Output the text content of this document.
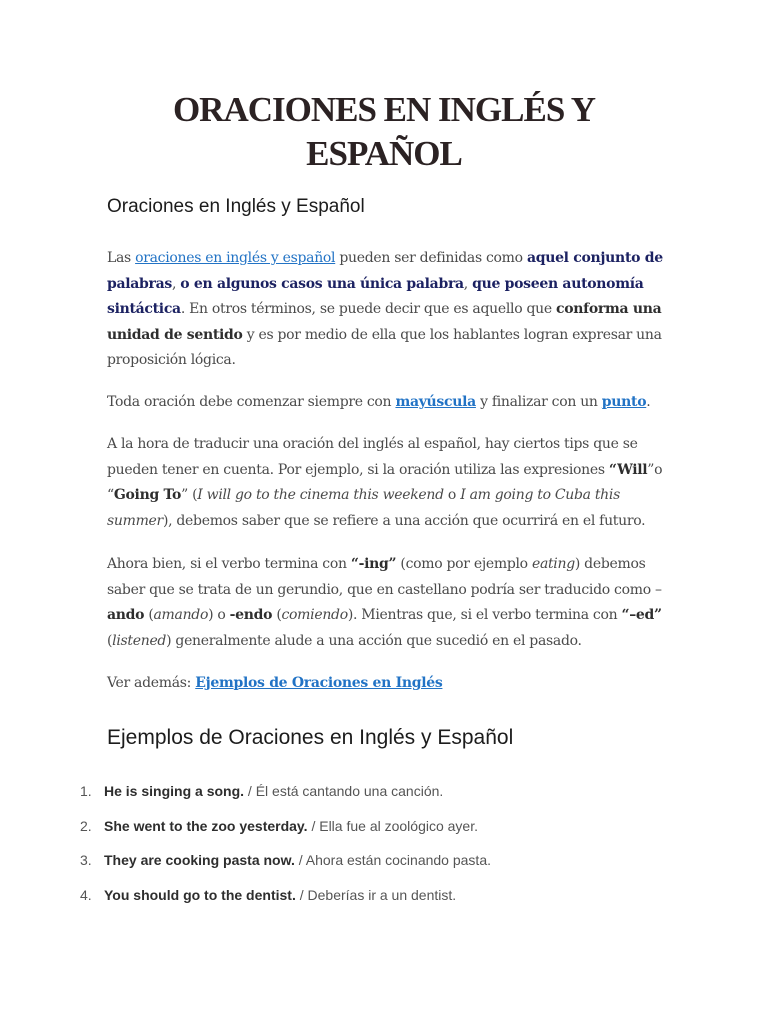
ORACIONES EN INGLÉS Y ESPAÑOL
Oraciones en Inglés y Español

Las oraciones en inglés y español pueden ser definidas como aquel conjunto de palabras, o en algunos casos una única palabra, que poseen autonomía sintáctica. En otros términos, se puede decir que es aquello que conforma una unidad de sentido y es por medio de ella que los hablantes logran expresar una proposición lógica.

Toda oración debe comenzar siempre con mayúscula y finalizar con un punto.

A la hora de traducir una oración del inglés al español, hay ciertos tips que se pueden tener en cuenta. Por ejemplo, si la oración utiliza las expresiones “Will”o “Going To” (I will go to the cinema this weekend o I am going to Cuba this summer), debemos saber que se refiere a una acción que ocurrirá en el futuro.

Ahora bien, si el verbo termina con “-ing” (como por ejemplo eating) debemos saber que se trata de un gerundio, que en castellano podría ser traducido como –ando (amando) o -endo (comiendo). Mientras que, si el verbo termina con “–ed” (listened) generalmente alude a una acción que sucedió en el pasado.

Ver además: Ejemplos de Oraciones en Inglés

Ejemplos de Oraciones en Inglés y Español
1. He is singing a song. / Él está cantando una canción.
2. She went to the zoo yesterday. / Ella fue al zoológico ayer.
3. They are cooking pasta now. / Ahora están cocinando pasta.
4. You should go to the dentist. / Deberías ir a un dentist.
